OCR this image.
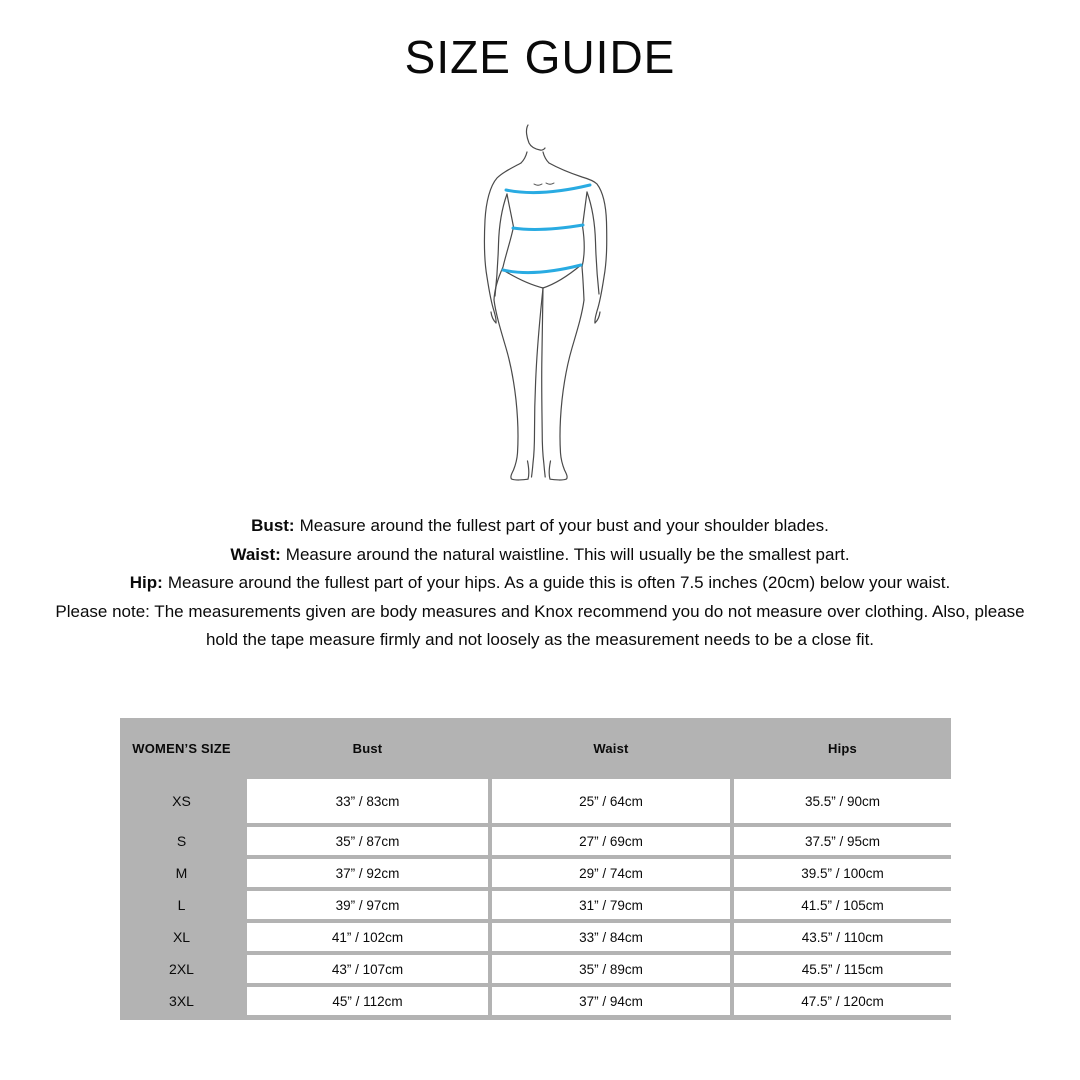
SIZE GUIDE

Bust: Measure around the fullest part of your bust and your shoulder blades.

Waist: Measure around the natural waistline. This will usually be the smallest part.

Hip: Measure around the fullest part of your hips. As a guide this is often 7.5 inches (20cm) below your waist.

Please note: The measurements given are body measures and Knox recommend you do not measure over clothing. Also, please hold the tape measure firmly and not loosely as the measurement needs to be a close fit.

WOMEN’S SIZE	Bust	Waist	Hips
XS	33” / 83cm	25” / 64cm	35.5” / 90cm
S	35” / 87cm	27” / 69cm	37.5” / 95cm
M	37” / 92cm	29” / 74cm	39.5” / 100cm
L	39” / 97cm	31” / 79cm	41.5” / 105cm
XL	41” / 102cm	33” / 84cm	43.5” / 110cm
2XL	43” / 107cm	35” / 89cm	45.5” / 115cm
3XL	45” / 112cm	37” / 94cm	47.5” / 120cm
